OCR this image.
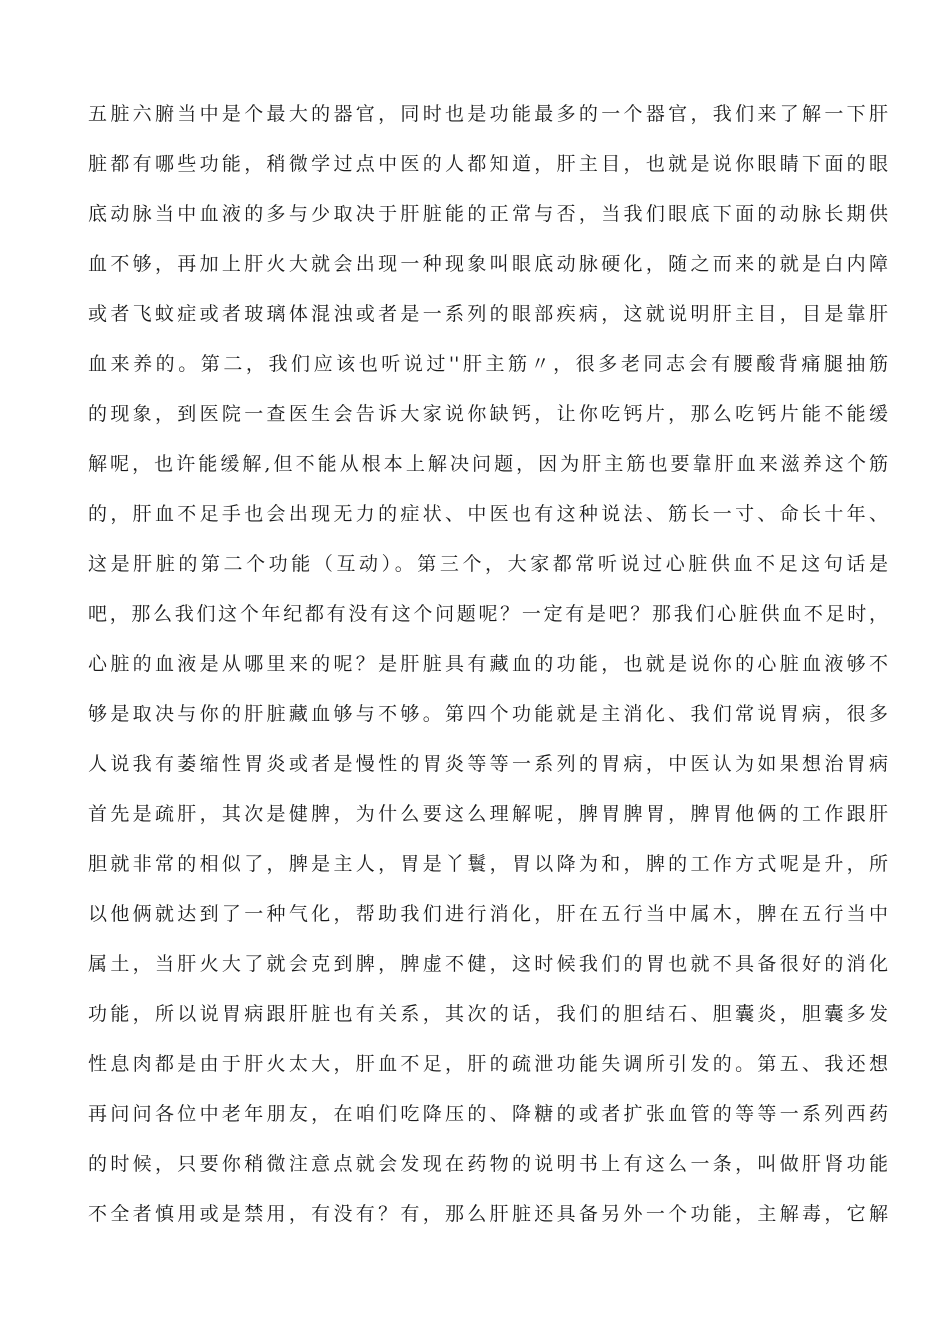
五脏六腑当中是个最大的器官，同时也是功能最多的一个器官，我们来了解一下肝
脏都有哪些功能，稍微学过点中医的人都知道，肝主目，也就是说你眼睛下面的眼
底动脉当中血液的多与少取决于肝脏能的正常与否，当我们眼底下面的动脉长期供
血不够，再加上肝火大就会出现一种现象叫眼底动脉硬化，随之而来的就是白内障
或者飞蚊症或者玻璃体混浊或者是一系列的眼部疾病，这就说明肝主目，目是靠肝
血来养的。第二，我们应该也听说过''肝主筋〃，很多老同志会有腰酸背痛腿抽筋
的现象，到医院一查医生会告诉大家说你缺钙，让你吃钙片，那么吃钙片能不能缓
解呢，也许能缓解,但不能从根本上解决问题，因为肝主筋也要靠肝血来滋养这个筋
的，肝血不足手也会出现无力的症状、中医也有这种说法、筋长一寸、命长十年、
这是肝脏的第二个功能（互动）。第三个，大家都常听说过心脏供血不足这句话是
吧，那么我们这个年纪都有没有这个问题呢？一定有是吧？那我们心脏供血不足时，
心脏的血液是从哪里来的呢？是肝脏具有藏血的功能，也就是说你的心脏血液够不
够是取决与你的肝脏藏血够与不够。第四个功能就是主消化、我们常说胃病，很多
人说我有萎缩性胃炎或者是慢性的胃炎等等一系列的胃病，中医认为如果想治胃病
首先是疏肝，其次是健脾，为什么要这么理解呢，脾胃脾胃，脾胃他俩的工作跟肝
胆就非常的相似了，脾是主人，胃是丫鬟，胃以降为和，脾的工作方式呢是升，所
以他俩就达到了一种气化，帮助我们进行消化，肝在五行当中属木，脾在五行当中
属土，当肝火大了就会克到脾，脾虚不健，这时候我们的胃也就不具备很好的消化
功能，所以说胃病跟肝脏也有关系，其次的话，我们的胆结石、胆囊炎，胆囊多发
性息肉都是由于肝火太大，肝血不足，肝的疏泄功能失调所引发的。第五、我还想
再问问各位中老年朋友，在咱们吃降压的、降糖的或者扩张血管的等等一系列西药
的时候，只要你稍微注意点就会发现在药物的说明书上有这么一条，叫做肝肾功能
不全者慎用或是禁用，有没有？有，那么肝脏还具备另外一个功能，主解毒，它解
